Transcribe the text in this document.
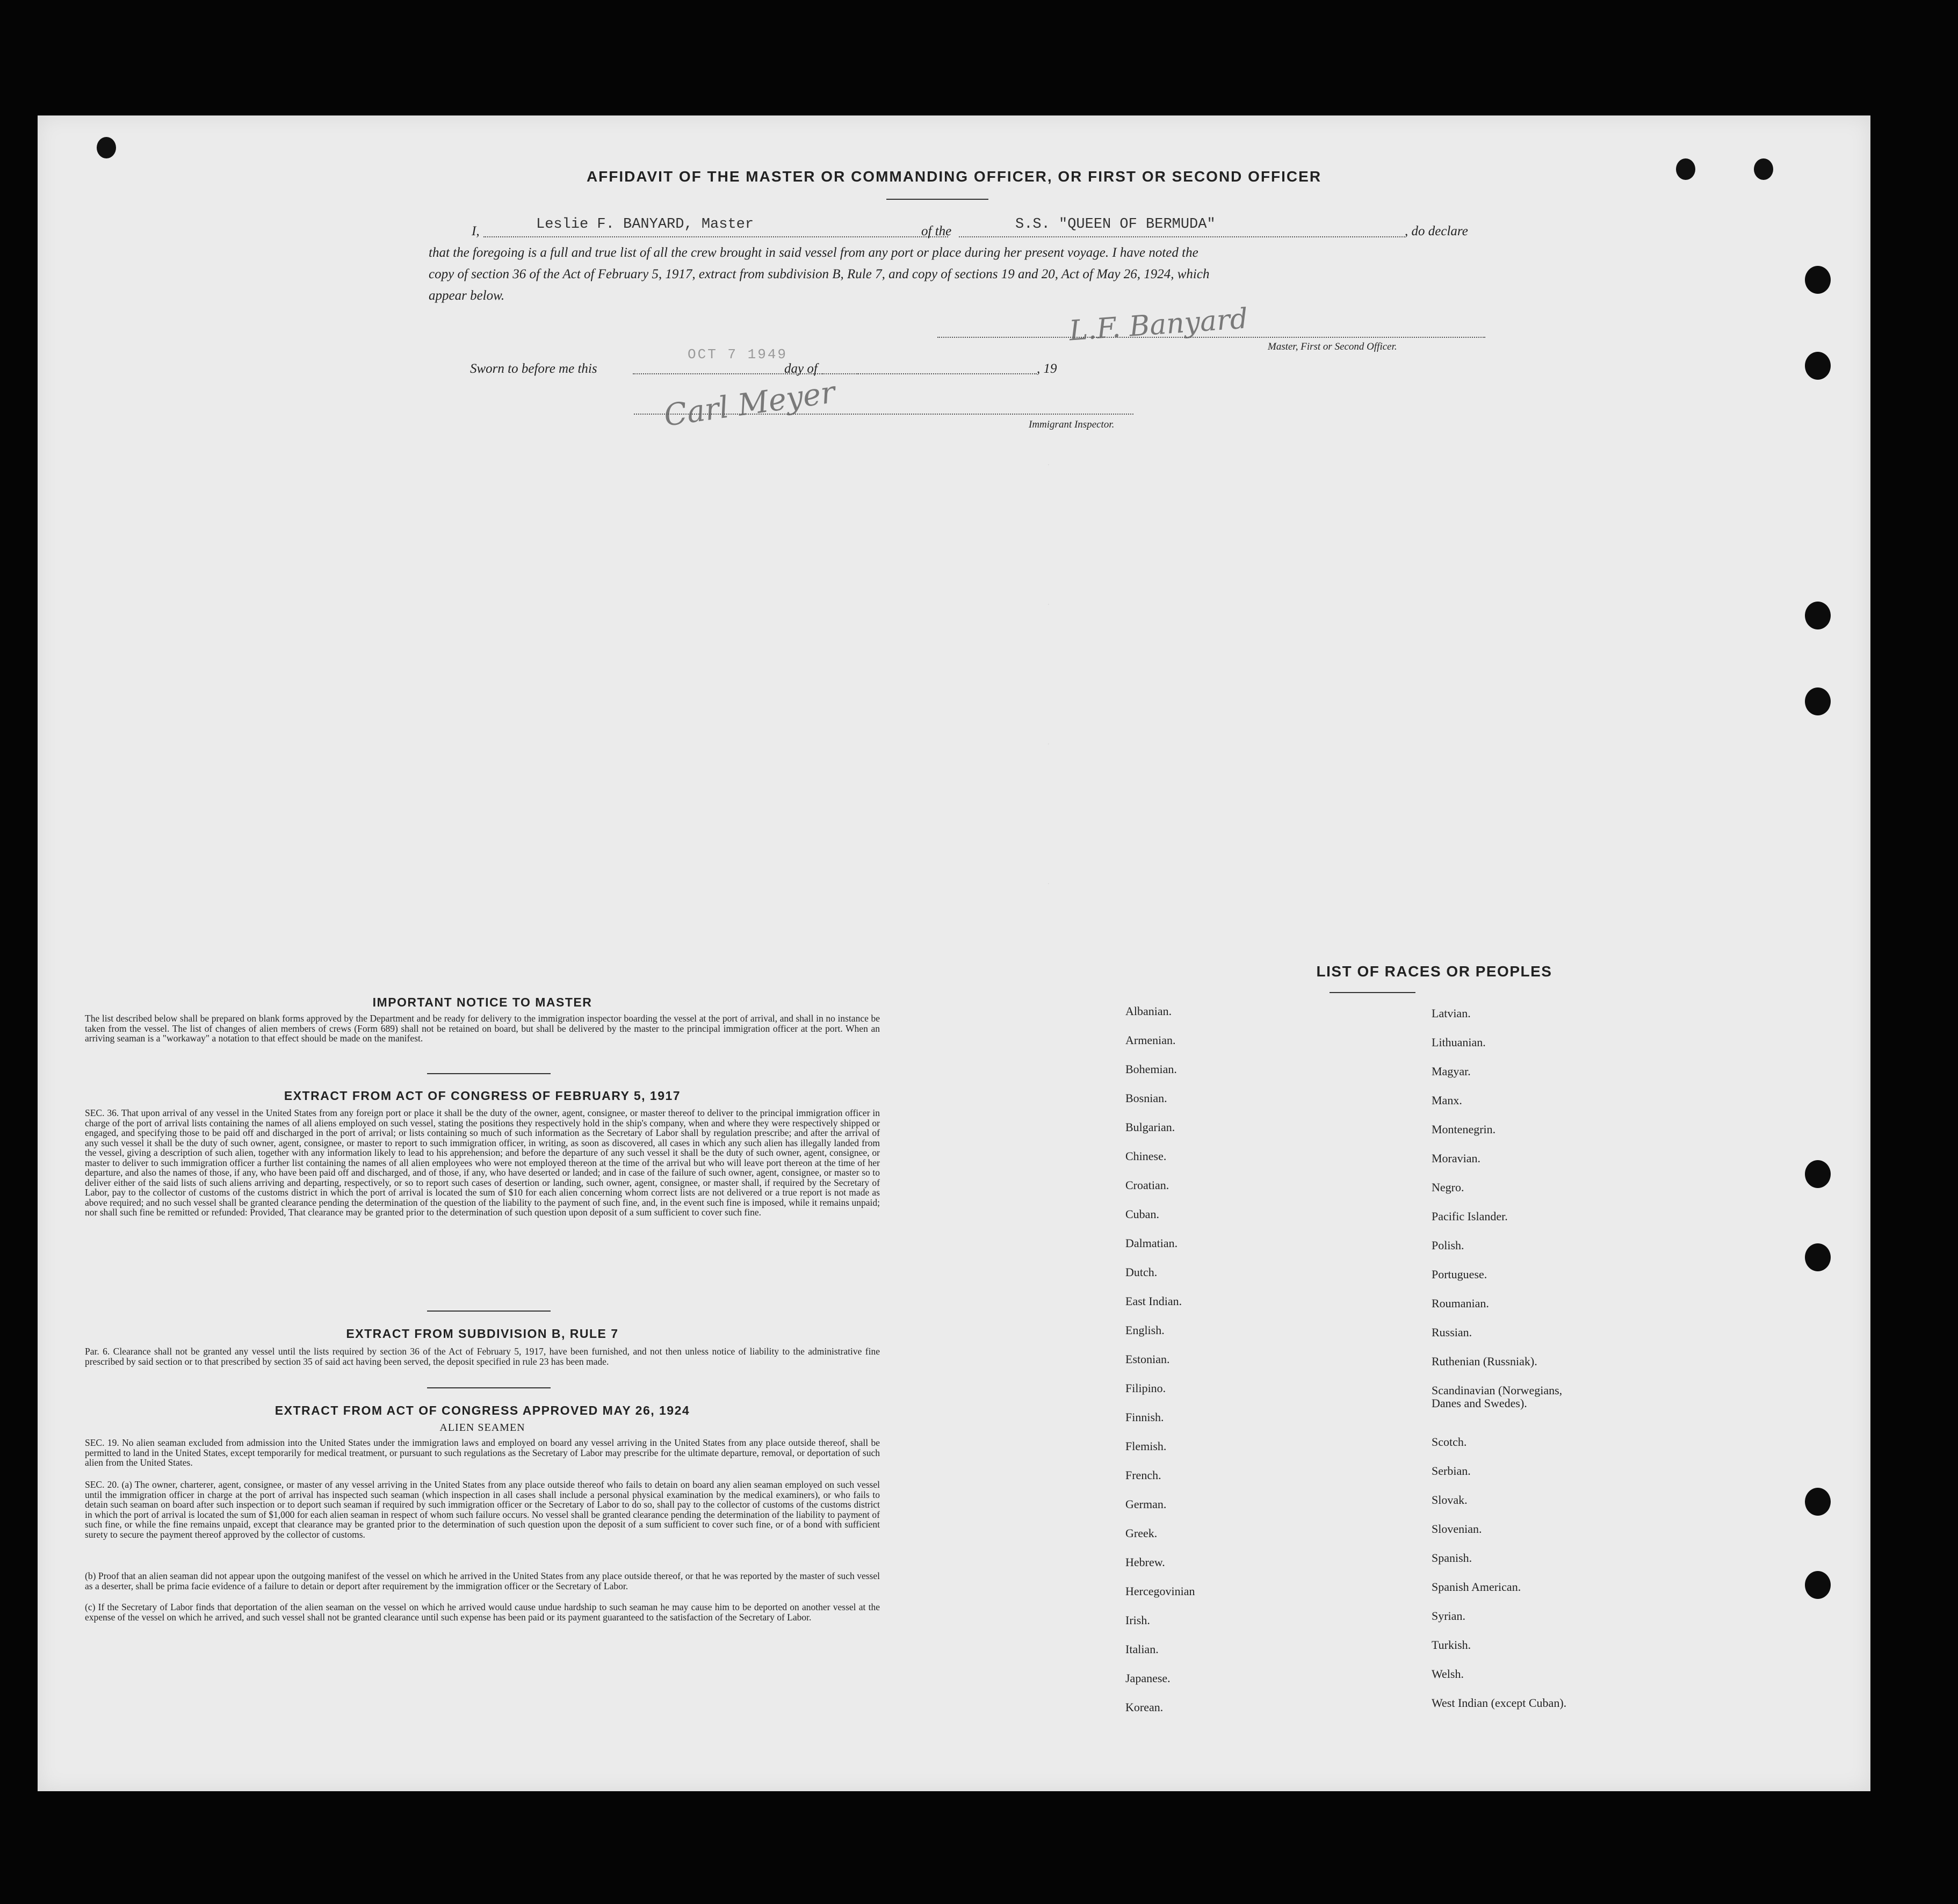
AFFIDAVIT OF THE MASTER OR COMMANDING OFFICER, OR FIRST OR SECOND OFFICER
I,	Leslie F. BANYARD, Master	of the	S.S. "QUEEN OF BERMUDA"	, do declare
that the foregoing is a full and true list of all the crew brought in said vessel from any port or place during her present voyage. I have noted the
copy of section 36 of the Act of February 5, 1917, extract from subdivision B, Rule 7, and copy of sections 19 and 20, Act of May 26, 1924, which
appear below.
L.F. Banyard Master, First or Second Officer.
Sworn to before me this
OCT 7 1949
day of	, 19
Carl Meyer	Immigrant Inspector.
.
.
.
.
IMPORTANT NOTICE TO MASTER
The list described below shall be prepared on blank forms approved by the Department and be ready for delivery to the immigration inspector boarding the vessel at the port of arrival, and shall in no instance be taken from the vessel. The list of changes of alien members of crews (Form 689) shall not be retained on board, but shall be delivered by the master to the principal immigration officer at the port. When an arriving seaman is a "workaway" a notation to that effect should be made on the manifest.
EXTRACT FROM ACT OF CONGRESS OF FEBRUARY 5, 1917
SEC. 36. That upon arrival of any vessel in the United States from any foreign port or place it shall be the duty of the owner, agent, consignee, or master thereof to deliver to the principal immigration officer in charge of the port of arrival lists containing the names of all aliens employed on such vessel, stating the positions they respectively hold in the ship's company, when and where they were respectively shipped or engaged, and specifying those to be paid off and discharged in the port of arrival; or lists containing so much of such information as the Secretary of Labor shall by regulation prescribe; and after the arrival of any such vessel it shall be the duty of such owner, agent, consignee, or master to report to such immigration officer, in writing, as soon as discovered, all cases in which any such alien has illegally landed from the vessel, giving a description of such alien, together with any information likely to lead to his apprehension; and before the departure of any such vessel it shall be the duty of such owner, agent, consignee, or master to deliver to such immigration officer a further list containing the names of all alien employees who were not employed thereon at the time of the arrival but who will leave port thereon at the time of her departure, and also the names of those, if any, who have been paid off and discharged, and of those, if any, who have deserted or landed; and in case of the failure of such owner, agent, consignee, or master so to deliver either of the said lists of such aliens arriving and departing, respectively, or so to report such cases of desertion or landing, such owner, agent, consignee, or master shall, if required by the Secretary of Labor, pay to the collector of customs of the customs district in which the port of arrival is located the sum of $10 for each alien concerning whom correct lists are not delivered or a true report is not made as above required; and no such vessel shall be granted clearance pending the determination of the question of the liability to the payment of such fine, and, in the event such fine is imposed, while it remains unpaid; nor shall such fine be remitted or refunded: Provided, That clearance may be granted prior to the determination of such question upon deposit of a sum sufficient to cover such fine.
EXTRACT FROM SUBDIVISION B, RULE 7
Par. 6. Clearance shall not be granted any vessel until the lists required by section 36 of the Act of February 5, 1917, have been furnished, and not then unless notice of liability to the administrative fine prescribed by said section or to that prescribed by section 35 of said act having been served, the deposit specified in rule 23 has been made.
EXTRACT FROM ACT OF CONGRESS APPROVED MAY 26, 1924
ALIEN SEAMEN
SEC. 19. No alien seaman excluded from admission into the United States under the immigration laws and employed on board any vessel arriving in the United States from any place outside thereof, shall be permitted to land in the United States, except temporarily for medical treatment, or pursuant to such regulations as the Secretary of Labor may prescribe for the ultimate departure, removal, or deportation of such alien from the United States.
SEC. 20. (a) The owner, charterer, agent, consignee, or master of any vessel arriving in the United States from any place outside thereof who fails to detain on board any alien seaman employed on such vessel until the immigration officer in charge at the port of arrival has inspected such seaman (which inspection in all cases shall include a personal physical examination by the medical examiners), or who fails to detain such seaman on board after such inspection or to deport such seaman if required by such immigration officer or the Secretary of Labor to do so, shall pay to the collector of customs of the customs district in which the port of arrival is located the sum of $1,000 for each alien seaman in respect of whom such failure occurs. No vessel shall be granted clearance pending the determination of the liability to payment of such fine, or while the fine remains unpaid, except that clearance may be granted prior to the determination of such question upon the deposit of a sum sufficient to cover such fine, or of a bond with sufficient surety to secure the payment thereof approved by the collector of customs.
(b) Proof that an alien seaman did not appear upon the outgoing manifest of the vessel on which he arrived in the United States from any place outside thereof, or that he was reported by the master of such vessel as a deserter, shall be prima facie evidence of a failure to detain or deport after requirement by the immigration officer or the Secretary of Labor.
(c) If the Secretary of Labor finds that deportation of the alien seaman on the vessel on which he arrived would cause undue hardship to such seaman he may cause him to be deported on another vessel at the expense of the vessel on which he arrived, and such vessel shall not be granted clearance until such expense has been paid or its payment guaranteed to the satisfaction of the Secretary of Labor.
LIST OF RACES OR PEOPLES
Albanian.
Armenian.
Bohemian.
Bosnian.
Bulgarian.
Chinese.
Croatian.
Cuban.
Dalmatian.
Dutch.
East Indian.
English.
Estonian.
Filipino.
Finnish.
Flemish.
French.
German.
Greek.
Hebrew.
Hercegovinian
Irish.
Italian.
Japanese.
Korean.
Latvian.
Lithuanian.
Magyar.
Manx.
Montenegrin.
Moravian.
Negro.
Pacific Islander.
Polish.
Portuguese.
Roumanian.
Russian.
Ruthenian (Russniak).
Scandinavian (Norwegians,
Danes and Swedes).
Scotch.
Serbian.
Slovak.
Slovenian.
Spanish.
Spanish American.
Syrian.
Turkish.
Welsh.
West Indian (except Cuban).
